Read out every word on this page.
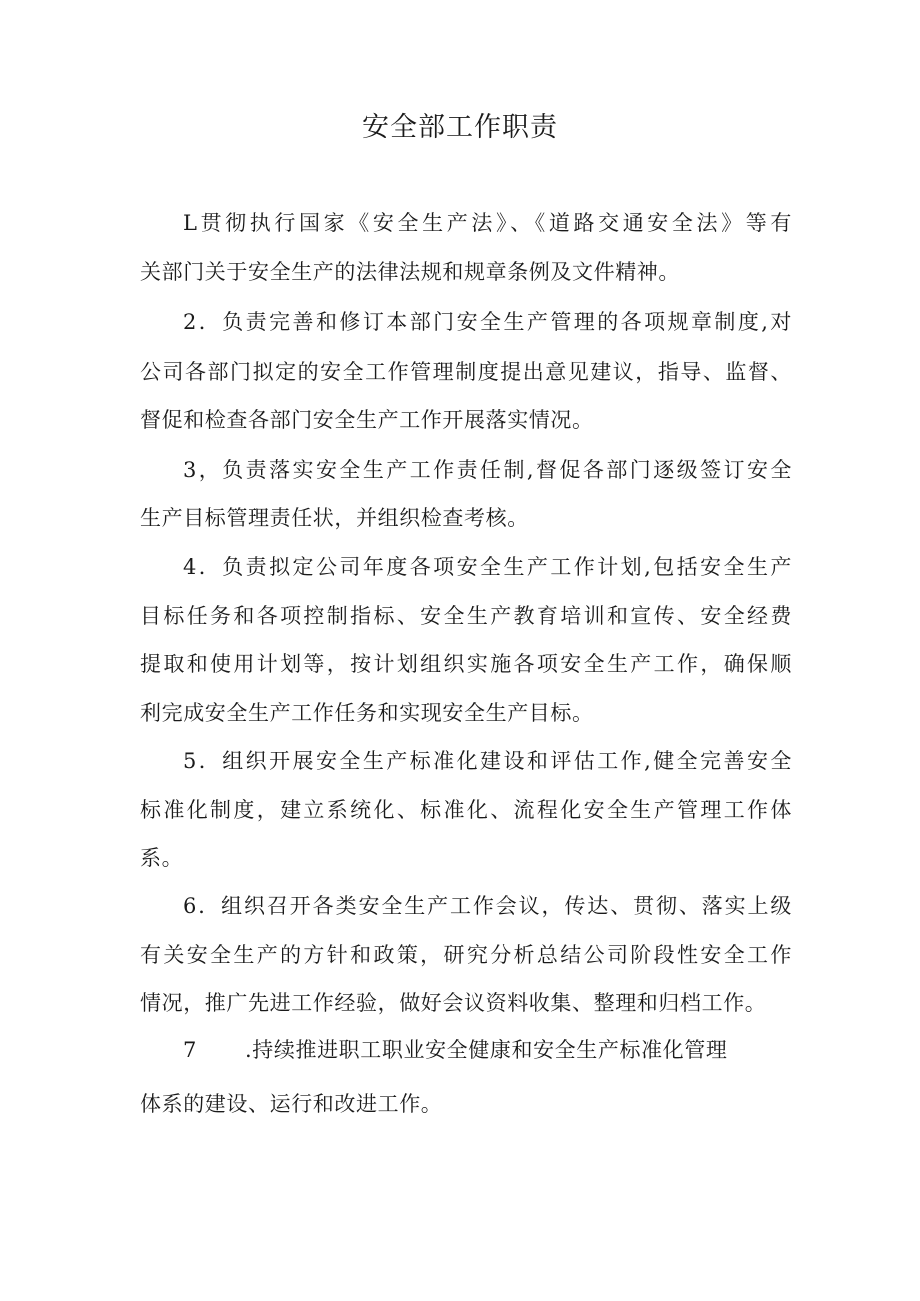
安全部工作职责
L贯彻执行国家《安全生产法》、《道路交通安全法》等有
关部门关于安全生产的法律法规和规章条例及文件精神。
2．负责完善和修订本部门安全生产管理的各项规章制度,对
公司各部门拟定的安全工作管理制度提出意见建议，指导、监督、
督促和检查各部门安全生产工作开展落实情况。
3，负责落实安全生产工作责任制,督促各部门逐级签订安全
生产目标管理责任状，并组织检查考核。
4．负责拟定公司年度各项安全生产工作计划,包括安全生产
目标任务和各项控制指标、安全生产教育培训和宣传、安全经费
提取和使用计划等，按计划组织实施各项安全生产工作，确保顺
利完成安全生产工作任务和实现安全生产目标。
5．组织开展安全生产标准化建设和评估工作,健全完善安全
标准化制度，建立系统化、标准化、流程化安全生产管理工作体
系。
6．组织召开各类安全生产工作会议，传达、贯彻、落实上级
有关安全生产的方针和政策，研究分析总结公司阶段性安全工作
情况，推广先进工作经验，做好会议资料收集、整理和归档工作。
7 .持续推进职工职业安全健康和安全生产标准化管理
体系的建设、运行和改进工作。
